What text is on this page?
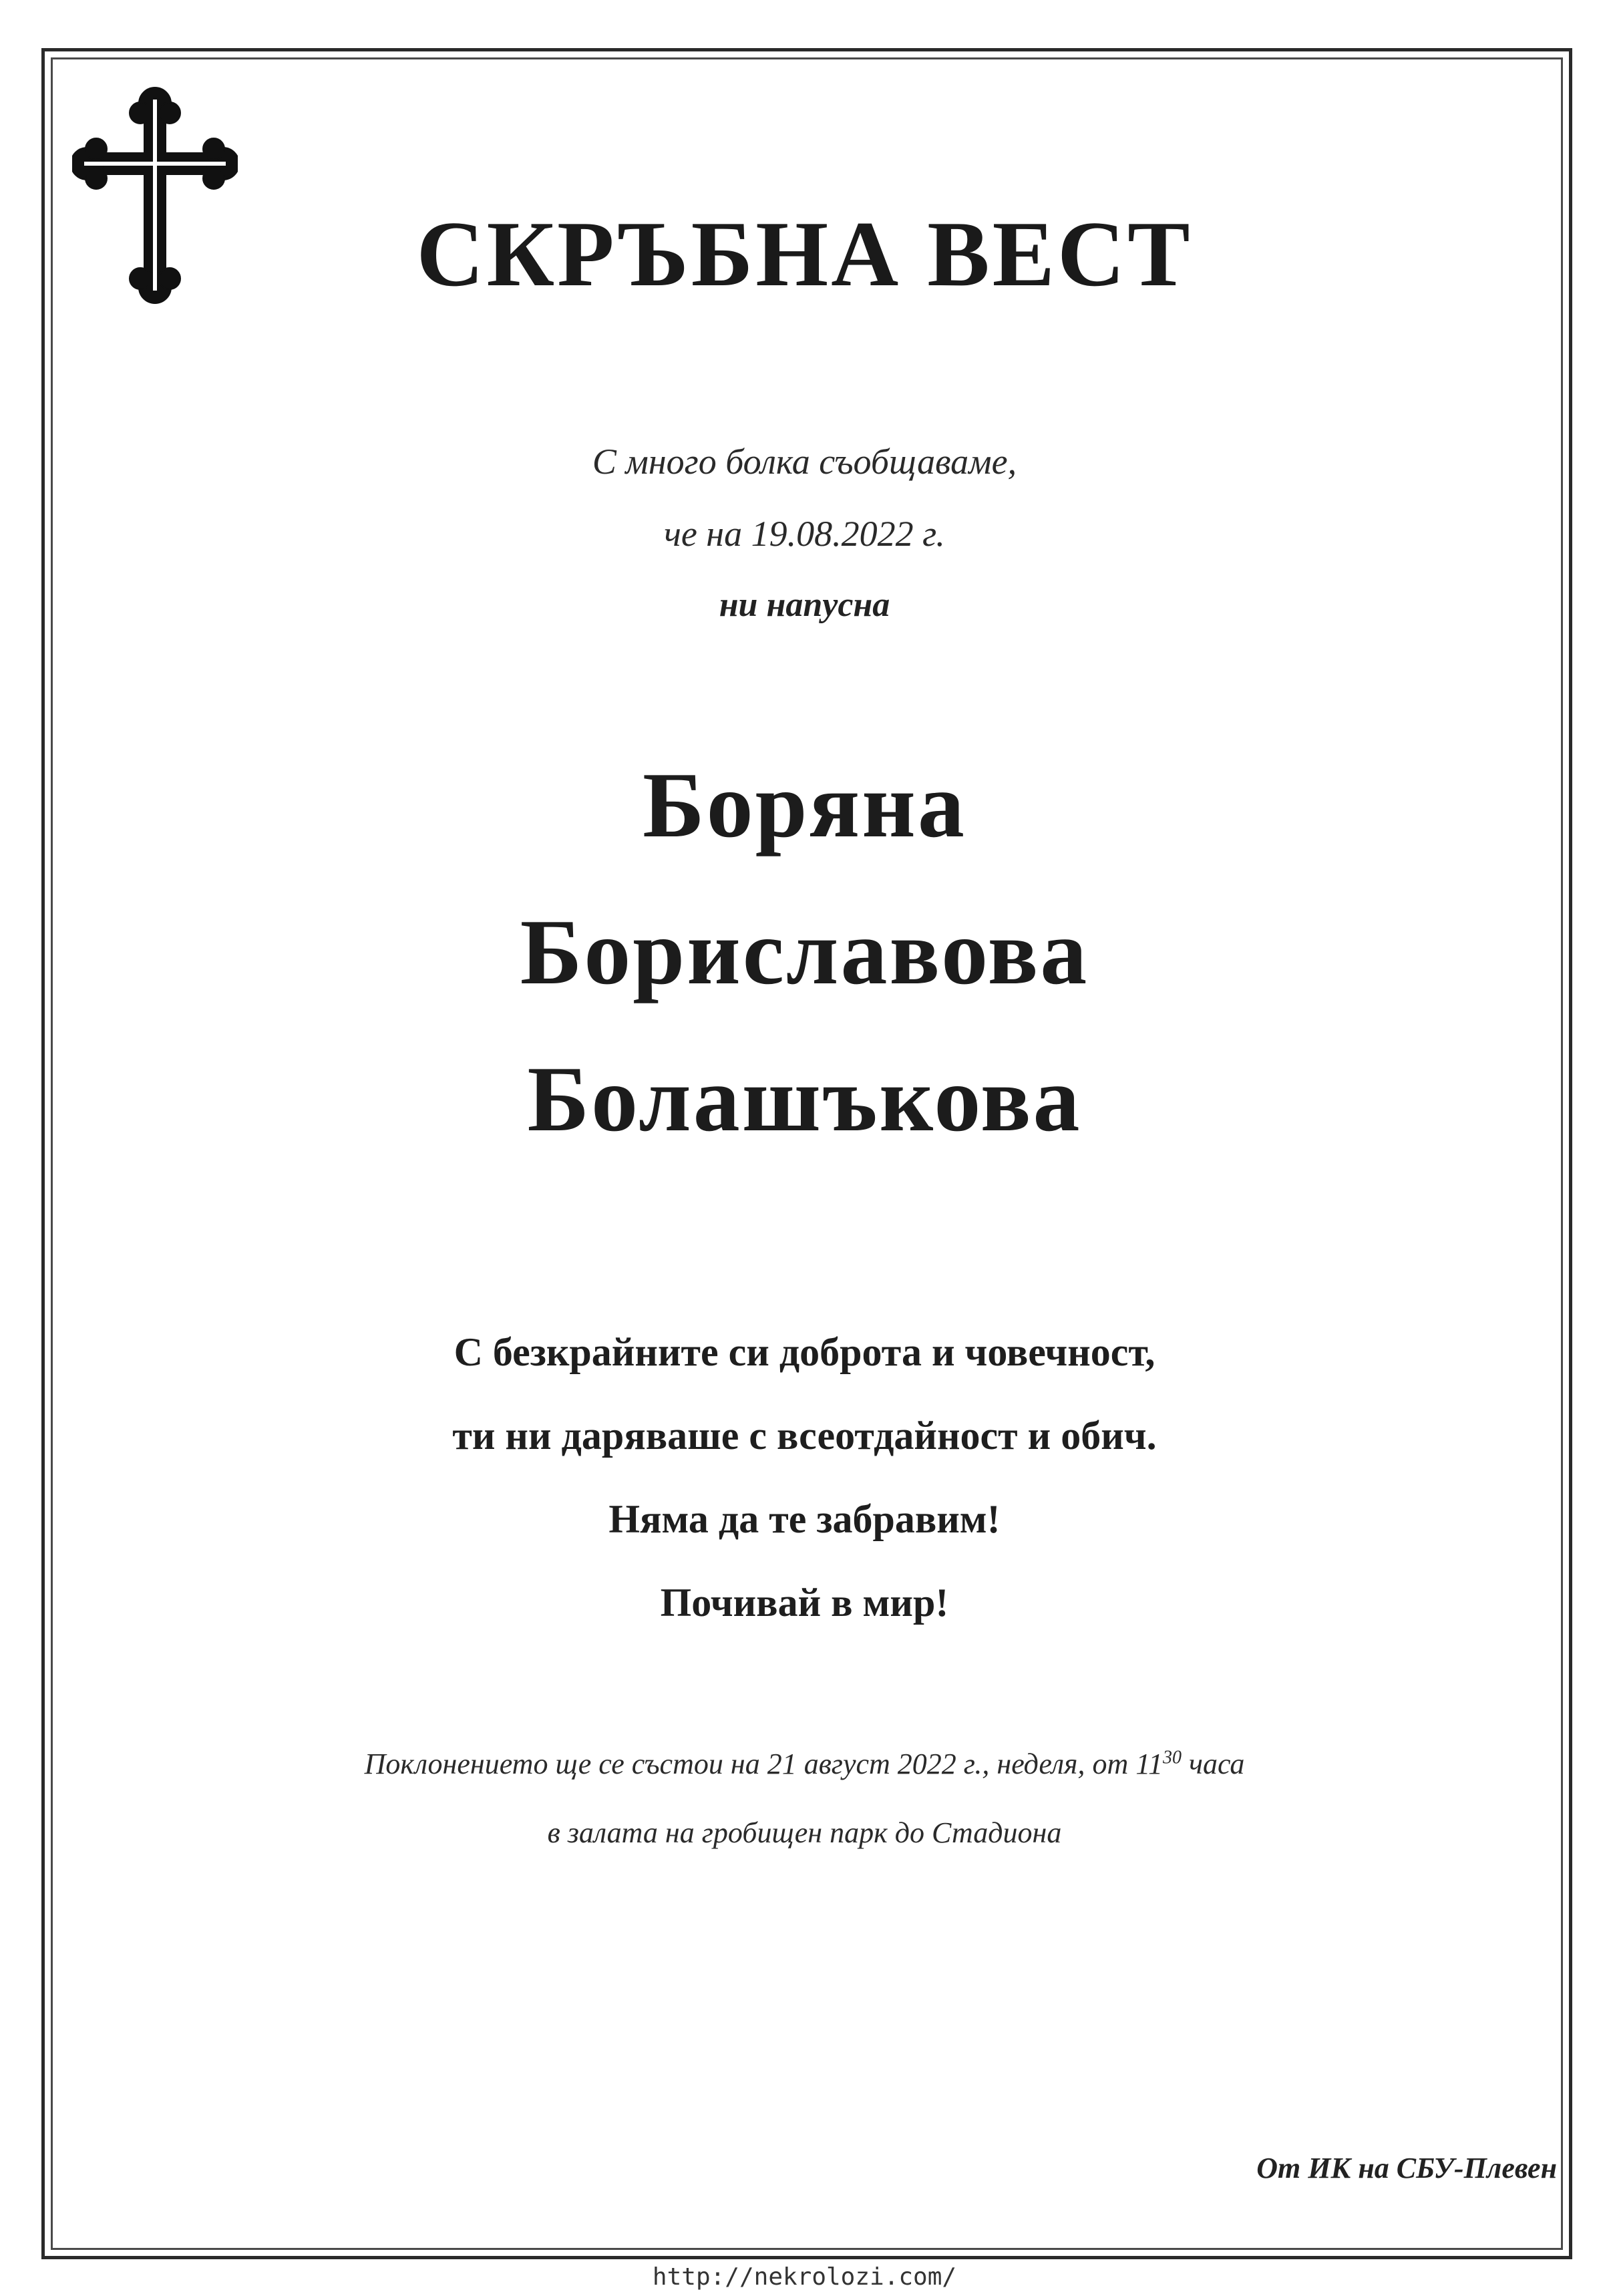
СКРЪБНА ВЕСТ
С много болка съобщаваме,
че на 19.08.2022 г.
ни напусна
Боряна
Бориславова
Болашъкова
С безкрайните си доброта и човечност,
ти ни даряваше с всеотдайност и обич.
Няма да те забравим!
Почивай в мир!
Поклонението ще се състои на 21 август 2022 г., неделя, от $11^{30}$ часа
в залата на гробищен парк до Стадиона
От ИК на СБУ-Плевен
http://nekrolozi.com/
